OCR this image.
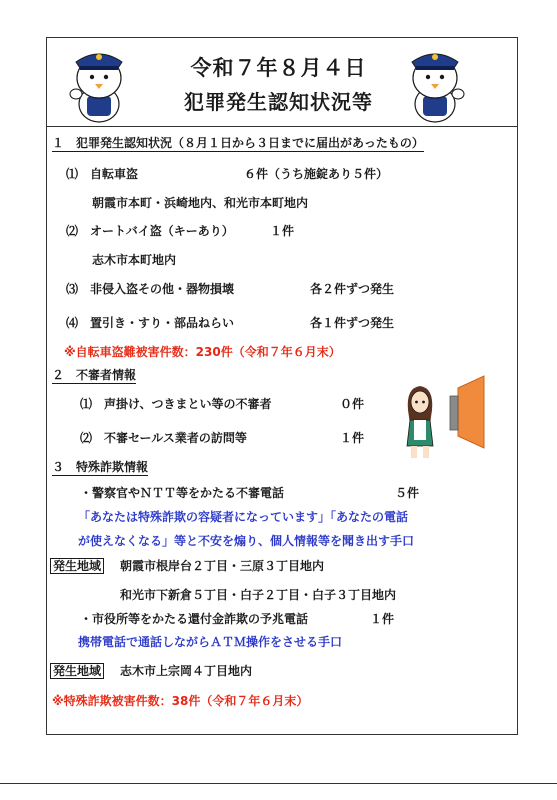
令和７年８月４日
犯罪発生認知状況等
１　犯罪発生認知状況（８月１日から３日までに届出があったもの）
⑴ 自転車盗	６件（うち施錠あり５件）
朝霞市本町・浜崎地内、和光市本町地内
⑵ オートバイ盗（キーあり）	１件
志木市本町地内
⑶ 非侵入盗その他・器物損壊	各２件ずつ発生
⑷ 置引き・すり・部品ねらい	各１件ずつ発生
※自転車盗難被害件数：230件（令和７年６月末）
２　不審者情報
⑴ 声掛け、つきまとい等の不審者	０件
⑵ 不審セールス業者の訪問等	１件
３　特殊詐欺情報
・警察官やＮＴＴ等をかたる不審電話	５件
「あなたは特殊詐欺の容疑者になっています」「あなたの電話
が使えなくなる」等と不安を煽り、個人情報等を聞き出す手口
発生地域 朝霞市根岸台２丁目・三原３丁目地内
和光市下新倉５丁目・白子２丁目・白子３丁目地内
・市役所等をかたる還付金詐欺の予兆電話	１件
携帯電話で通話しながらＡＴＭ操作をさせる手口
発生地域 志木市上宗岡４丁目地内
※特殊詐欺被害件数：38件（令和７年６月末）
